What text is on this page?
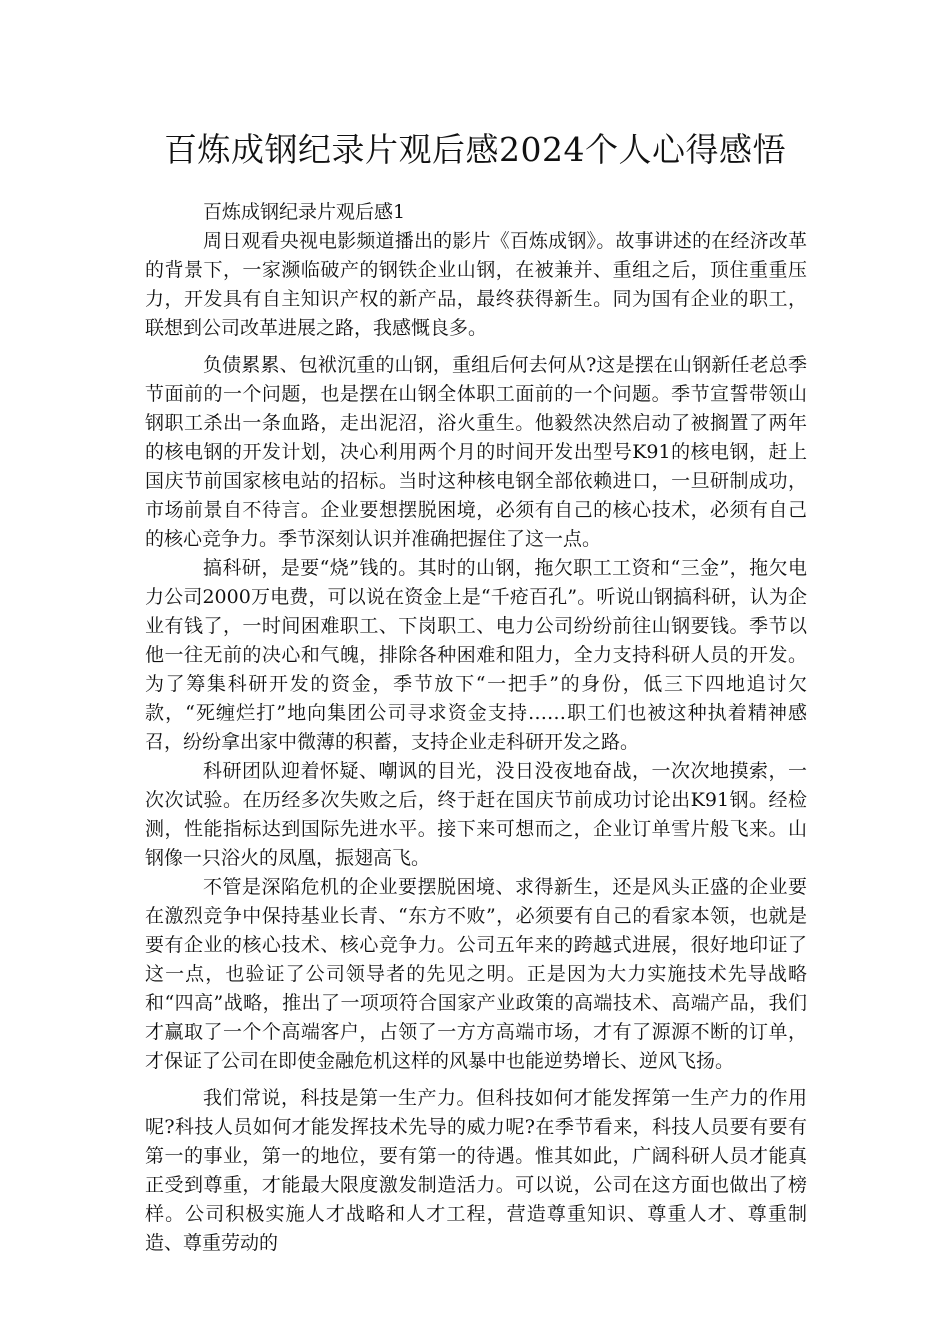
百炼成钢纪录片观后感2024个人心得感悟

百炼成钢纪录片观后感1

周日观看央视电影频道播出的影片《百炼成钢》。故事讲述的在经济改革的背景下，一家濒临破产的钢铁企业山钢，在被兼并、重组之后，顶住重重压力，开发具有自主知识产权的新产品，最终获得新生。同为国有企业的职工，联想到公司改革进展之路，我感慨良多。

负债累累、包袱沉重的山钢，重组后何去何从?这是摆在山钢新任老总季节面前的一个问题，也是摆在山钢全体职工面前的一个问题。季节宣誓带领山钢职工杀出一条血路，走出泥沼，浴火重生。他毅然决然启动了被搁置了两年的核电钢的开发计划，决心利用两个月的时间开发出型号K91的核电钢，赶上国庆节前国家核电站的招标。当时这种核电钢全部依赖进口，一旦研制成功，市场前景自不待言。企业要想摆脱困境，必须有自己的核心技术，必须有自己的核心竞争力。季节深刻认识并准确把握住了这一点。

搞科研，是要“烧”钱的。其时的山钢，拖欠职工工资和“三金”，拖欠电力公司2000万电费，可以说在资金上是“千疮百孔”。听说山钢搞科研，认为企业有钱了，一时间困难职工、下岗职工、电力公司纷纷前往山钢要钱。季节以他一往无前的决心和气魄，排除各种困难和阻力，全力支持科研人员的开发。为了筹集科研开发的资金，季节放下“一把手”的身份，低三下四地追讨欠款，“死缠烂打”地向集团公司寻求资金支持……职工们也被这种执着精神感召，纷纷拿出家中微薄的积蓄，支持企业走科研开发之路。

科研团队迎着怀疑、嘲讽的目光，没日没夜地奋战，一次次地摸索，一次次试验。在历经多次失败之后，终于赶在国庆节前成功讨论出K91钢。经检测，性能指标达到国际先进水平。接下来可想而之，企业订单雪片般飞来。山钢像一只浴火的凤凰，振翅高飞。

不管是深陷危机的企业要摆脱困境、求得新生，还是风头正盛的企业要在激烈竞争中保持基业长青、“东方不败”，必须要有自己的看家本领，也就是要有企业的核心技术、核心竞争力。公司五年来的跨越式进展，很好地印证了这一点，也验证了公司领导者的先见之明。正是因为大力实施技术先导战略和“四高”战略，推出了一项项符合国家产业政策的高端技术、高端产品，我们才赢取了一个个高端客户，占领了一方方高端市场，才有了源源不断的订单，才保证了公司在即使金融危机这样的风暴中也能逆势增长、逆风飞扬。

我们常说，科技是第一生产力。但科技如何才能发挥第一生产力的作用呢?科技人员如何才能发挥技术先导的威力呢?在季节看来，科技人员要有要有第一的事业，第一的地位，要有第一的待遇。惟其如此，广阔科研人员才能真正受到尊重，才能最大限度激发制造活力。可以说，公司在这方面也做出了榜样。公司积极实施人才战略和人才工程，营造尊重知识、尊重人才、尊重制造、尊重劳动的
